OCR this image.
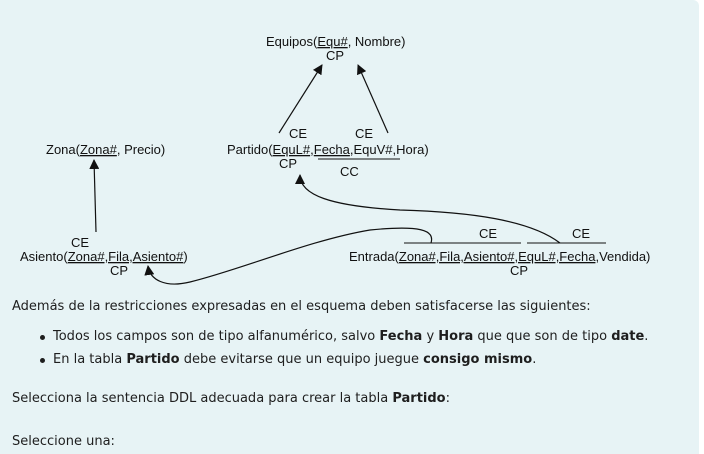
Equipos(Equ#, Nombre)
CP
Zona(Zona#, Precio)
CE	CE
Partido(EquL#,Fecha,EquV#,Hora)
CP
CC
CE
Asiento(Zona#,Fila,Asiento#)
CP
CE	CE
Entrada(Zona#,Fila,Asiento#,EquL#,Fecha,Vendida)
CP
Además de la restricciones expresadas en el esquema deben satisfacerse las siguientes:
Todos los campos son de tipo alfanumérico, salvo Fecha y Hora que que son de tipo date.
En la tabla Partido debe evitarse que un equipo juegue consigo mismo.
Selecciona la sentencia DDL adecuada para crear la tabla Partido:
Seleccione una:
